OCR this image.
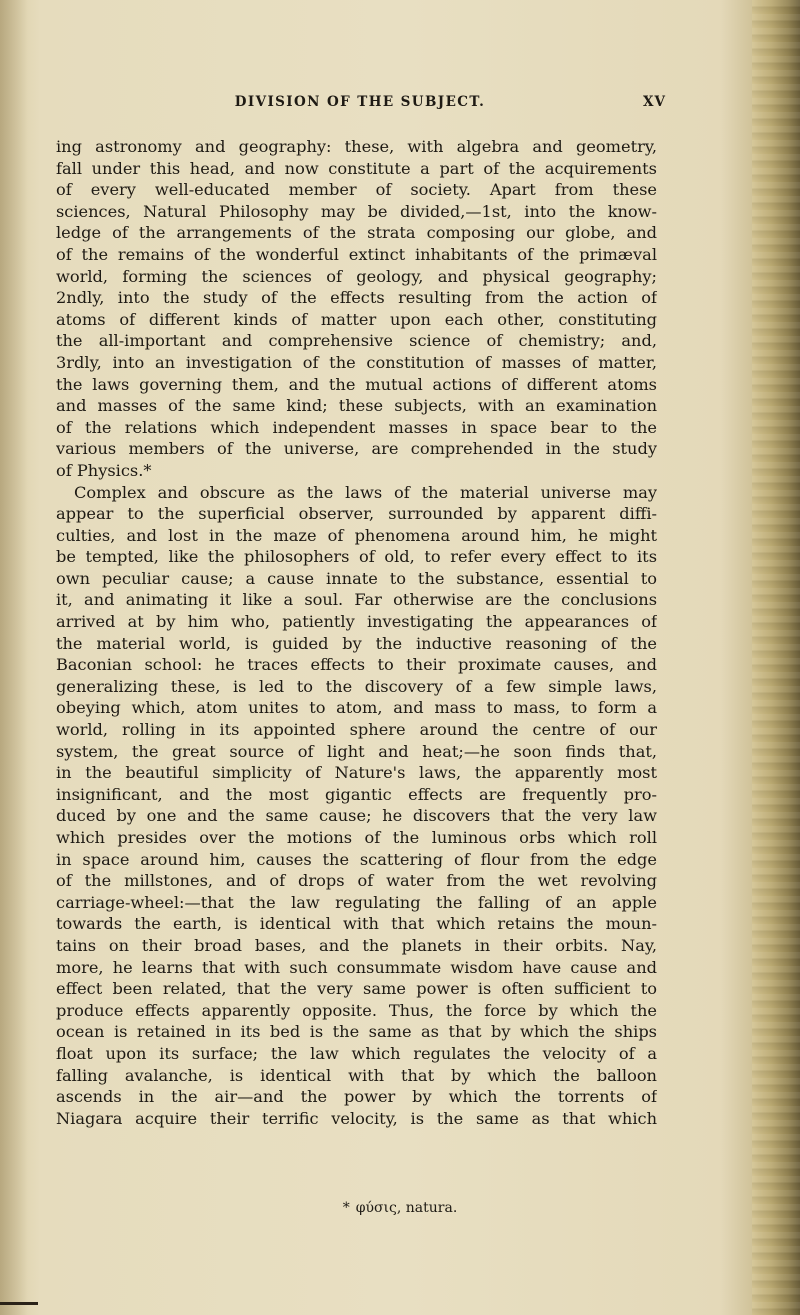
DIVISION OF THE SUBJECT.	XV
ing astronomy and geography: these, with algebra and geometry,
fall under this head, and now constitute a part of the acquirements
of every well-educated member of society. Apart from these
sciences, Natural Philosophy may be divided,—1st, into the know-
ledge of the arrangements of the strata composing our globe, and
of the remains of the wonderful extinct inhabitants of the primæval
world, forming the sciences of geology, and physical geography;
2ndly, into the study of the effects resulting from the action of
atoms of different kinds of matter upon each other, constituting
the all-important and comprehensive science of chemistry; and,
3rdly, into an investigation of the constitution of masses of matter,
the laws governing them, and the mutual actions of different atoms
and masses of the same kind; these subjects, with an examination
of the relations which independent masses in space bear to the
various members of the universe, are comprehended in the study
of Physics.*
Complex and obscure as the laws of the material universe may
appear to the superficial observer, surrounded by apparent diffi-
culties, and lost in the maze of phenomena around him, he might
be tempted, like the philosophers of old, to refer every effect to its
own peculiar cause; a cause innate to the substance, essential to
it, and animating it like a soul. Far otherwise are the conclusions
arrived at by him who, patiently investigating the appearances of
the material world, is guided by the inductive reasoning of the
Baconian school: he traces effects to their proximate causes, and
generalizing these, is led to the discovery of a few simple laws,
obeying which, atom unites to atom, and mass to mass, to form a
world, rolling in its appointed sphere around the centre of our
system, the great source of light and heat;—he soon finds that,
in the beautiful simplicity of Nature's laws, the apparently most
insignificant, and the most gigantic effects are frequently pro-
duced by one and the same cause; he discovers that the very law
which presides over the motions of the luminous orbs which roll
in space around him, causes the scattering of flour from the edge
of the millstones, and of drops of water from the wet revolving
carriage-wheel:—that the law regulating the falling of an apple
towards the earth, is identical with that which retains the moun-
tains on their broad bases, and the planets in their orbits. Nay,
more, he learns that with such consummate wisdom have cause and
effect been related, that the very same power is often sufficient to
produce effects apparently opposite. Thus, the force by which the
ocean is retained in its bed is the same as that by which the ships
float upon its surface; the law which regulates the velocity of a
falling avalanche, is identical with that by which the balloon
ascends in the air—and the power by which the torrents of
Niagara acquire their terrific velocity, is the same as that which
* φύσις, natura.
